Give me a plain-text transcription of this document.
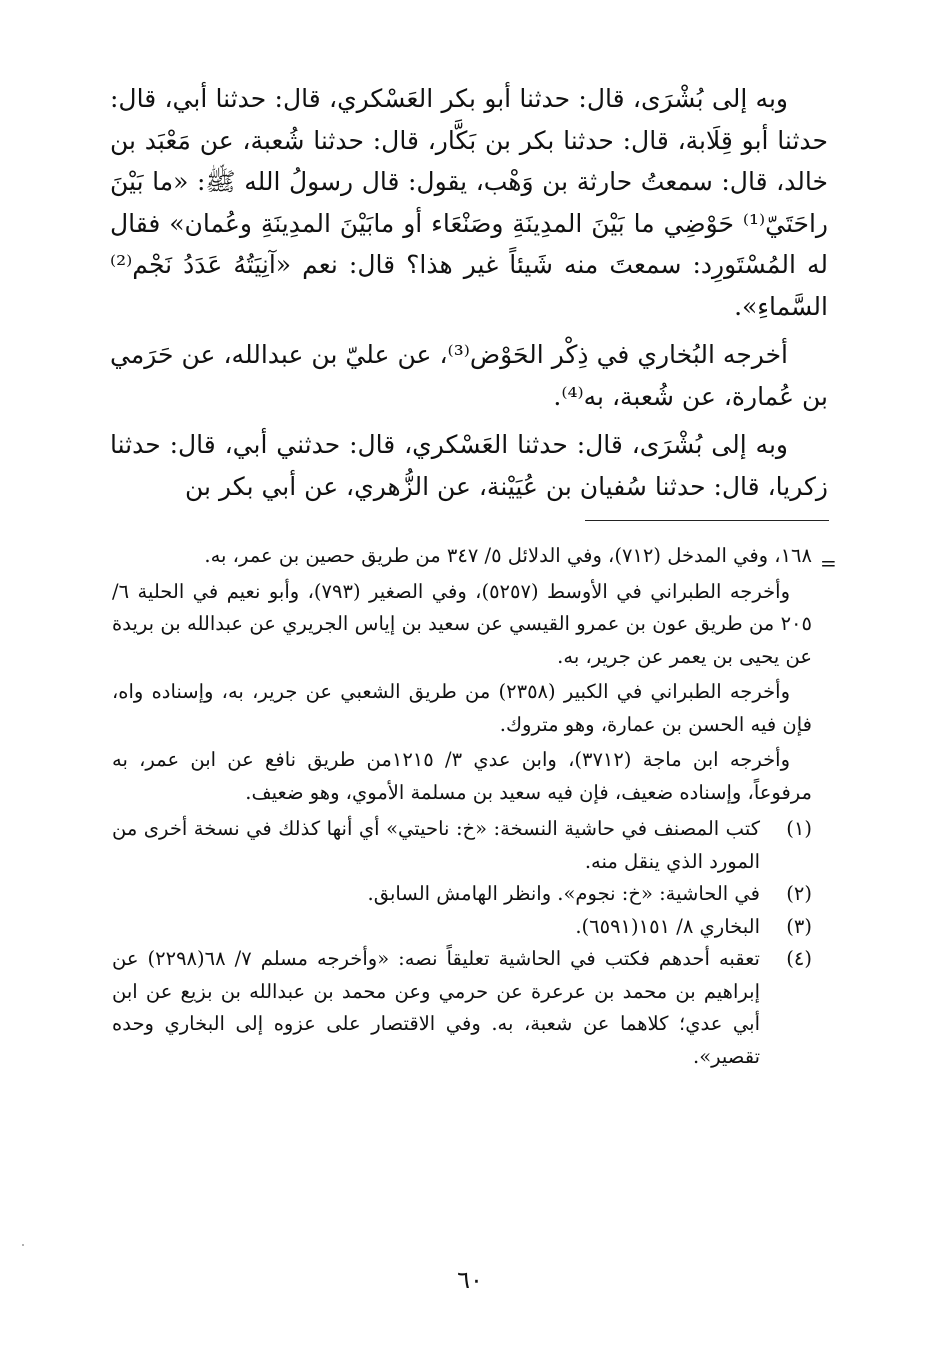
وبه إلى بُشْرَى، قال: حدثنا أبو بكر العَسْكري، قال: حدثنا أبي، قال: حدثنا أبو قِلَابة، قال: حدثنا بكر بن بَكَّار، قال: حدثنا شُعبة، عن مَعْبَد بن خالد، قال: سمعتُ حارثة بن وَهْب، يقول: قال رسولُ الله ﷺ: «ما بَيْنَ راحَتَيّ⁽¹⁾ حَوْضِي ما بَيْنَ المدِينَةِ وصَنْعَاء أو مابَيْنَ المدِينَةِ وعُمان» فقال له المُسْتَورِد: سمعتَ منه شَيئاً غير هذا؟ قال: نعم «آنِيَتُهُ عَدَدُ نَجْم⁽²⁾ السَّماءِ».

أخرجه البُخاري في ذِكْر الحَوْض⁽³⁾، عن عليّ بن عبدالله، عن حَرَمي بن عُمارة، عن شُعبة، به⁽⁴⁾.

وبه إلى بُشْرَى، قال: حدثنا العَسْكري، قال: حدثني أبي، قال: حدثنا زكريا، قال: حدثنا سُفيان بن عُيَيْنة، عن الزُّهري، عن أبي بكر بن

=

١٦٨، وفي المدخل (٧١٢)، وفي الدلائل ٥/ ٣٤٧ من طريق حصين بن عمر، به.

وأخرجه الطبراني في الأوسط (٥٢٥٧)، وفي الصغير (٧٩٣)، وأبو نعيم في الحلية ٦/ ٢٠٥ من طريق عون بن عمرو القيسي عن سعيد بن إياس الجريري عن عبدالله بن بريدة عن يحيى بن يعمر عن جرير، به.

وأخرجه الطبراني في الكبير (٢٣٥٨) من طريق الشعبي عن جرير، به، وإسناده واه، فإن فيه الحسن بن عمارة، وهو متروك.

وأخرجه ابن ماجة (٣٧١٢)، وابن عدي ٣/ ١٢١٥من طريق نافع عن ابن عمر، به مرفوعاً، وإسناده ضعيف، فإن فيه سعيد بن مسلمة الأموي، وهو ضعيف.

(١)
كتب المصنف في حاشية النسخة: «خ: ناحيتي» أي أنها كذلك في نسخة أخرى من المورد الذي ينقل منه.
(٢)
في الحاشية: «خ: نجوم». وانظر الهامش السابق.
(٣)
البخاري ٨/ ١٥١(٦٥٩١).
(٤)
تعقبه أحدهم فكتب في الحاشية تعليقاً نصه: «وأخرجه مسلم ٧/ ٦٨(٢٢٩٨) عن إبراهيم بن محمد بن عرعرة عن حرمي وعن محمد بن عبدالله بن بزيع عن ابن أبي عدي؛ كلاهما عن شعبة، به. وفي الاقتصار على عزوه إلى البخاري وحده تقصير».
٦٠
